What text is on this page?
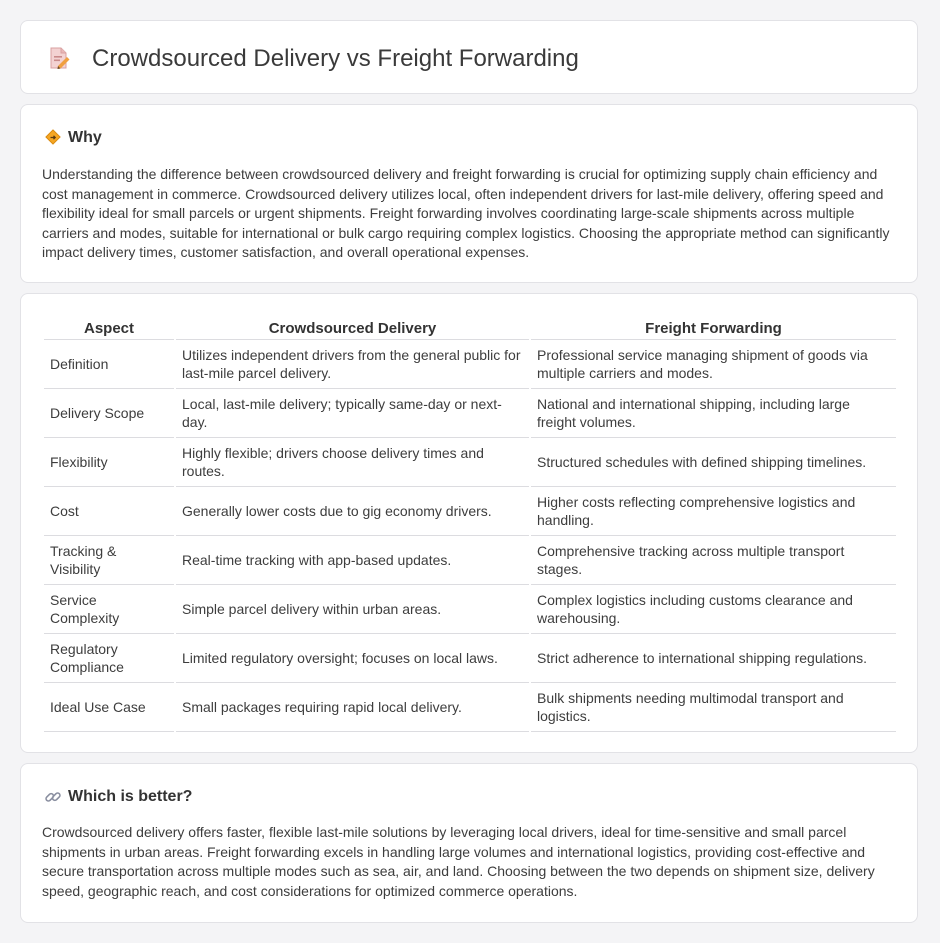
Crowdsourced Delivery vs Freight Forwarding
Why

Understanding the difference between crowdsourced delivery and freight forwarding is crucial for optimizing supply chain efficiency and cost management in commerce. Crowdsourced delivery utilizes local, often independent drivers for last-mile delivery, offering speed and flexibility ideal for small parcels or urgent shipments. Freight forwarding involves coordinating large-scale shipments across multiple carriers and modes, suitable for international or bulk cargo requiring complex logistics. Choosing the appropriate method can significantly impact delivery times, customer satisfaction, and overall operational expenses.

Aspect	Crowdsourced Delivery	Freight Forwarding
Definition	Utilizes independent drivers from the general public for last-mile parcel delivery.	Professional service managing shipment of goods via multiple carriers and modes.
Delivery Scope	Local, last-mile delivery; typically same-day or next-day.	National and international shipping, including large freight volumes.
Flexibility	Highly flexible; drivers choose delivery times and routes.	Structured schedules with defined shipping timelines.
Cost	Generally lower costs due to gig economy drivers.	Higher costs reflecting comprehensive logistics and handling.
Tracking & Visibility	Real-time tracking with app-based updates.	Comprehensive tracking across multiple transport stages.
Service Complexity	Simple parcel delivery within urban areas.	Complex logistics including customs clearance and warehousing.
Regulatory Compliance	Limited regulatory oversight; focuses on local laws.	Strict adherence to international shipping regulations.
Ideal Use Case	Small packages requiring rapid local delivery.	Bulk shipments needing multimodal transport and logistics.
Which is better?

Crowdsourced delivery offers faster, flexible last-mile solutions by leveraging local drivers, ideal for time-sensitive and small parcel shipments in urban areas. Freight forwarding excels in handling large volumes and international logistics, providing cost-effective and secure transportation across multiple modes such as sea, air, and land. Choosing between the two depends on shipment size, delivery speed, geographic reach, and cost considerations for optimized commerce operations.
